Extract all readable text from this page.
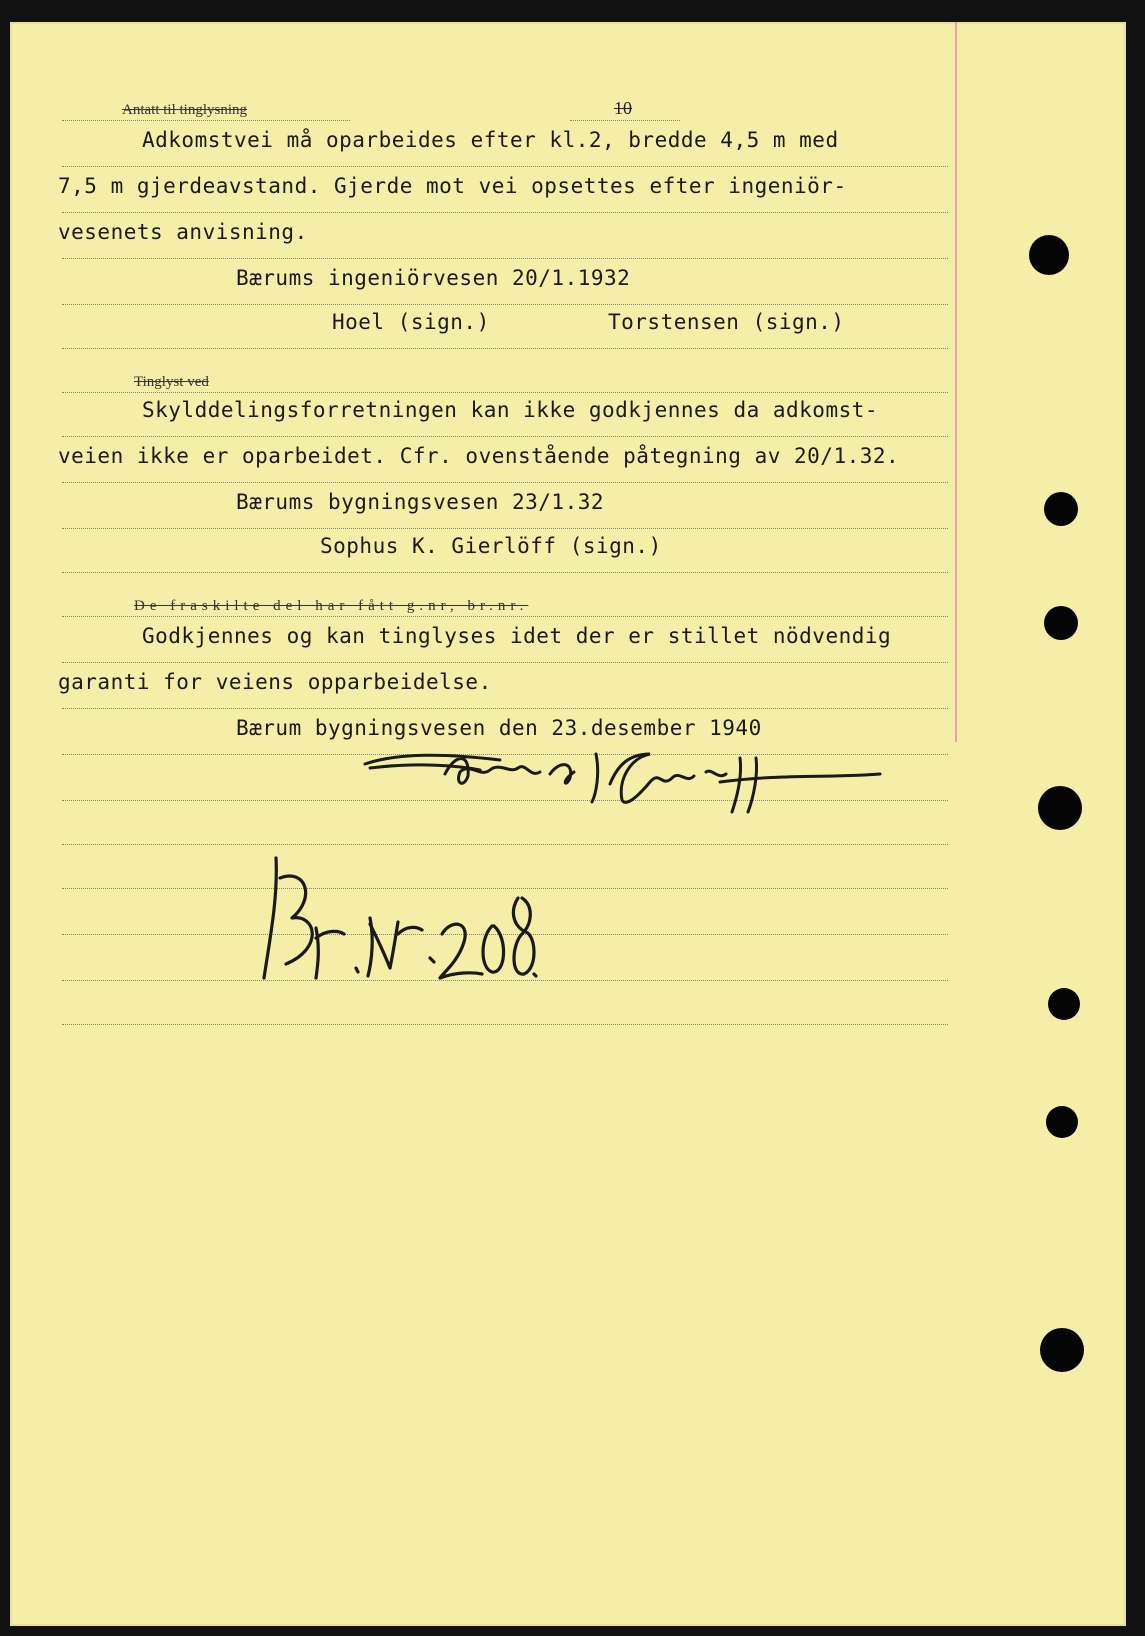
10
Antatt til tinglysning
Adkomstvei må oparbeides efter kl.2, bredde 4,5 m med
7,5 m gjerdeavstand. Gjerde mot vei opsettes efter ingeniör-
vesenets anvisning.
Bærums ingeniörvesen 20/1.1932
Hoel (sign.)	Torstensen (sign.)
Tinglyst ved
Skylddelingsforretningen kan ikke godkjennes da adkomst-
veien ikke er oparbeidet. Cfr. ovenstående påtegning av 20/1.32.
Bærums bygningsvesen 23/1.32
Sophus K. Gierlöff (sign.)
De fraskilte del har fått g.nr, br.nr.
Godkjennes og kan tinglyses idet der er stillet nödvendig
garanti for veiens opparbeidelse.
Bærum bygningsvesen den 23.desember 1940
